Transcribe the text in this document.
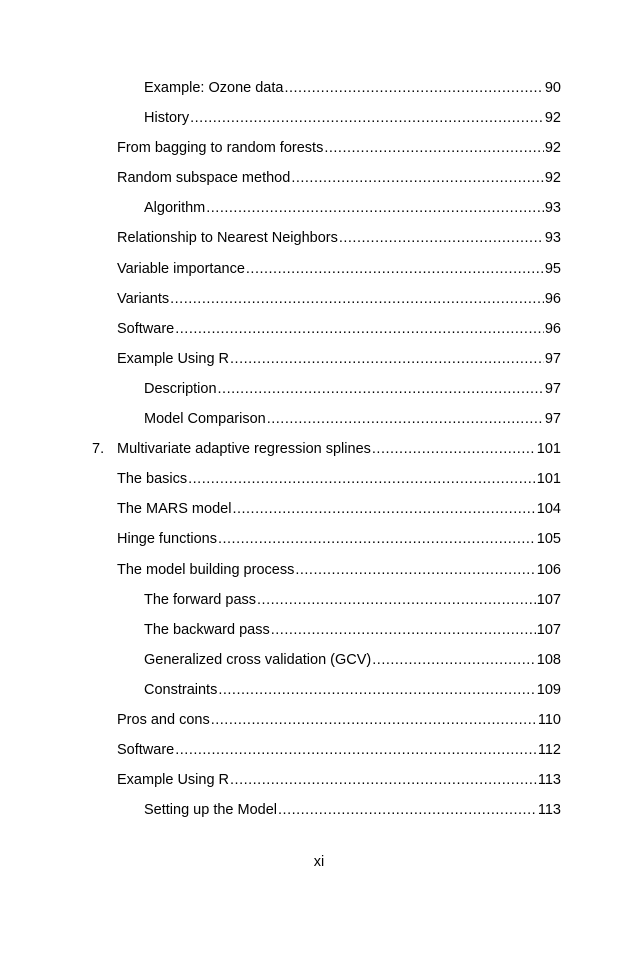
Example: Ozone data .....	90
History .....	92
From bagging to random forests .....	92
Random subspace method .....	92
Algorithm .....	93
Relationship to Nearest Neighbors .....	93
Variable importance .....	95
Variants .....	96
Software .....	96
Example Using R .....	97
Description .....	97
Model Comparison .....	97
7. Multivariate adaptive regression splines .....	101
The basics .....	101
The MARS model .....	104
Hinge functions .....	105
The model building process .....	106
The forward pass .....	107
The backward pass .....	107
Generalized cross validation (GCV) .....	108
Constraints .....	109
Pros and cons .....	110
Software .....	112
Example Using R .....	113
Setting up the Model .....	113
xi
